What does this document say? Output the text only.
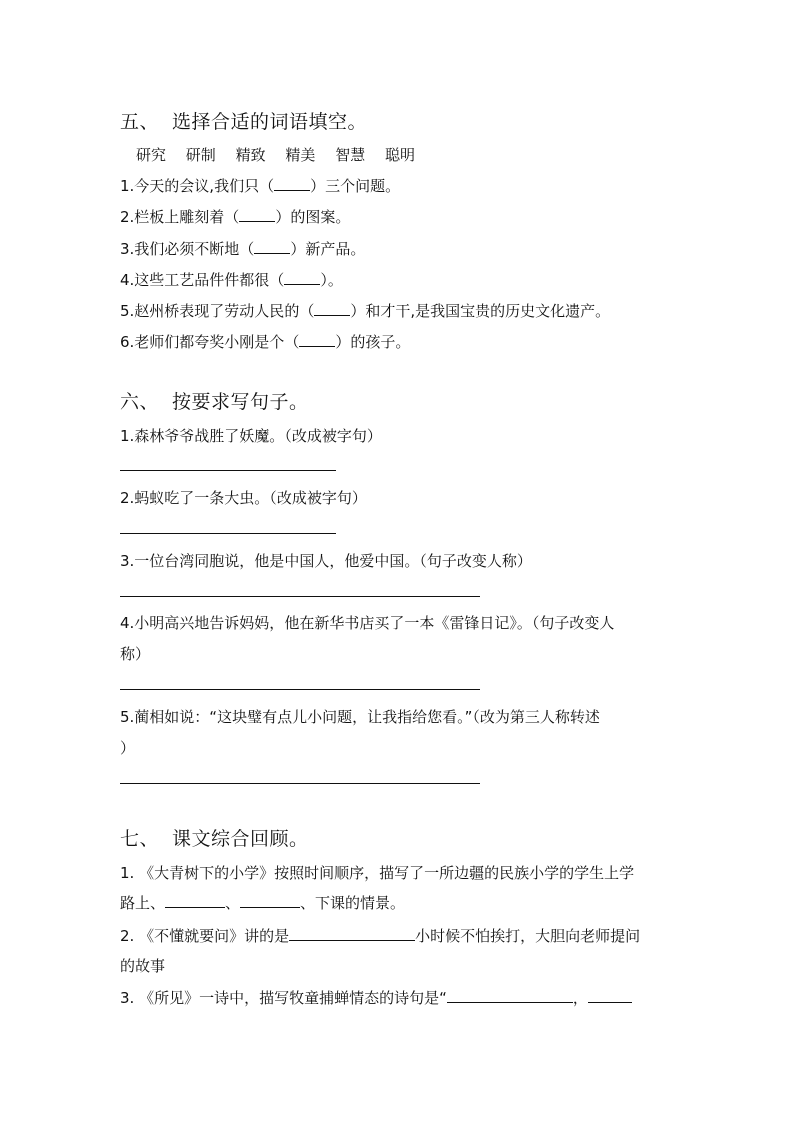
五、 选择合适的词语填空。
研究 研制 精致 精美 智慧 聪明
1.今天的会议,我们只（ ）三个问题。
2.栏板上雕刻着（ ）的图案。
3.我们必须不断地（ ）新产品。
4.这些工艺品件件都很（ ）。
5.赵州桥表现了劳动人民的（ ）和才干,是我国宝贵的历史文化遗产。
6.老师们都夸奖小刚是个（ ）的孩子。
六、 按要求写句子。
1.森林爷爷战胜了妖魔。（改成被字句）
2.蚂蚁吃了一条大虫。（改成被字句）
3.一位台湾同胞说，他是中国人，他爱中国。（句子改变人称）
4.小明高兴地告诉妈妈，他在新华书店买了一本《雷锋日记》。（句子改变人
称）
5.蔺相如说：“这块璧有点儿小问题，让我指给您看。”（改为第三人称转述
）
七、 课文综合回顾。
1. 《大青树下的小学》按照时间顺序，描写了一所边疆的民族小学的学生上学
路上、	、	、下课的情景。
2. 《不懂就要问》讲的是	小时候不怕挨打，大胆向老师提问
的故事
3. 《所见》一诗中，描写牧童捕蝉情态的诗句是“	，
